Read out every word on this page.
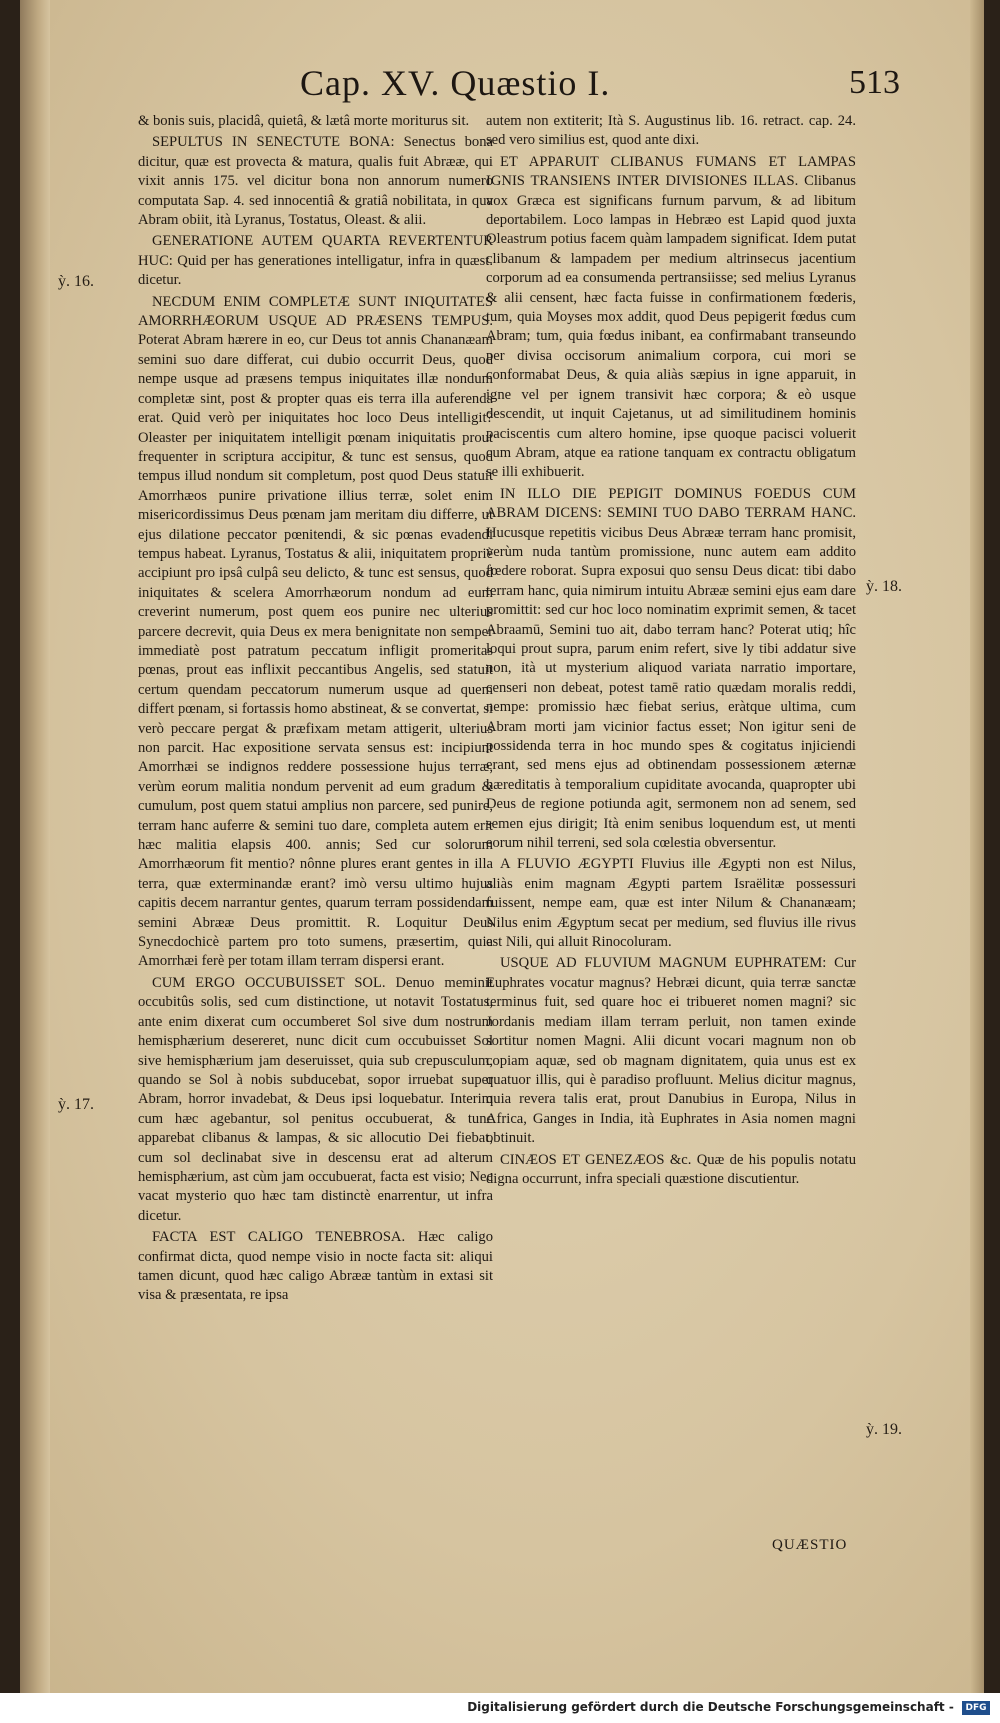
Cap. XV. Quæstio I.	513

& bonis suis, placidâ, quietâ, & lætâ morte moriturus sit.

SEPULTUS IN SENECTUTE BONA: Senectus bona dicitur, quæ est provecta & matura, qualis fuit Abrææ, qui vixit annis 175. vel dicitur bona non annorum numero computata Sap. 4. sed innocentiâ & gratiâ nobilitata, in qua Abram obiit, ità Lyranus, Tostatus, Oleast. & alii.

GENERATIONE AUTEM QUARTA REVERTENTUR HUC: Quid per has generationes intelligatur, infra in quæst. dicetur.

NECDUM ENIM COMPLETÆ SUNT INIQUITATES AMORRHÆORUM USQUE AD PRÆSENS TEMPUS. Poterat Abram hærere in eo, cur Deus tot annis Chananæam semini suo dare differat, cui dubio occurrit Deus, quod nempe usque ad præsens tempus iniquitates illæ nondum completæ sint, post & propter quas eis terra illa auferenda erat. Quid verò per iniquitates hoc loco Deus intelligit? Oleaster per iniquitatem intelligit pœnam iniquitatis prout frequenter in scriptura accipitur, & tunc est sensus, quod tempus illud nondum sit completum, post quod Deus statuit Amorrhæos punire privatione illius terræ, solet enim misericordissimus Deus pœnam jam meritam diu differre, ut ejus dilatione peccator pœnitendi, & sic pœnas evadendi tempus habeat. Lyranus, Tostatus & alii, iniquitatem propriè accipiunt pro ipsâ culpâ seu delicto, & tunc est sensus, quod iniquitates & scelera Amorrhæorum nondum ad eum creverint numerum, post quem eos punire nec ulterius parcere decrevit, quia Deus ex mera benignitate non semper immediatè post patratum peccatum infligit promeritas pœnas, prout eas inflixit peccantibus Angelis, sed statuit certum quendam peccatorum numerum usque ad quem differt pœnam, si fortassis homo abstineat, & se convertat, si verò peccare pergat & præfixam metam attigerit, ulterius non parcit. Hac expositione servata sensus est: incipiunt Amorrhæi se indignos reddere possessione hujus terræ, verùm eorum malitia nondum pervenit ad eum gradum & cumulum, post quem statui amplius non parcere, sed punire, terram hanc auferre & semini tuo dare, completa autem erit hæc malitia elapsis 400. annis; Sed cur solorum Amorrhæorum fit mentio? nônne plures erant gentes in illa terra, quæ exterminandæ erant? imò versu ultimo hujus capitis decem narrantur gentes, quarum terram possidendam semini Abrææ Deus promittit. R. Loquitur Deus Synecdochicè partem pro toto sumens, præsertim, quia Amorrhæi ferè per totam illam terram dispersi erant.

CUM ERGO OCCUBUISSET SOL. Denuo meminit occubitûs solis, sed cum distinctione, ut notavit Tostatus, ante enim dixerat cum occumberet Sol sive dum nostrum hemisphærium desereret, nunc dicit cum occubuisset Sol sive hemisphærium jam deseruisset, quia sub crepusculum, quando se Sol à nobis subducebat, sopor irruebat super Abram, horror invadebat, & Deus ipsi loquebatur. Interim cum hæc agebantur, sol penitus occubuerat, & tunc apparebat clibanus & lampas, & sic allocutio Dei fiebat, cum sol declinabat sive in descensu erat ad alterum hemisphærium, ast cùm jam occubuerat, facta est visio; Nec vacat mysterio quo hæc tam distinctè enarrentur, ut infra dicetur.

FACTA EST CALIGO TENEBROSA. Hæc caligo confirmat dicta, quod nempe visio in nocte facta sit: aliqui tamen dicunt, quod hæc caligo Abrææ tantùm in extasi sit visa & præsentata, re ipsa

autem non extiterit; Ità S. Augustinus lib. 16. retract. cap. 24. sed vero similius est, quod ante dixi.

ET APPARUIT CLIBANUS FUMANS ET LAMPAS IGNIS TRANSIENS INTER DIVISIONES ILLAS. Clibanus vox Græca est significans furnum parvum, & ad libitum deportabilem. Loco lampas in Hebræo est Lapid quod juxta Oleastrum potius facem quàm lampadem significat. Idem putat clibanum & lampadem per medium altrinsecus jacentium corporum ad ea consumenda pertransiisse; sed melius Lyranus & alii censent, hæc facta fuisse in confirmationem fœderis, tum, quia Moyses mox addit, quod Deus pepigerit fœdus cum Abram; tum, quia fœdus inibant, ea confirmabant transeundo per divisa occisorum animalium corpora, cui mori se conformabat Deus, & quia aliàs sæpius in igne apparuit, in igne vel per ignem transivit hæc corpora; & eò usque descendit, ut inquit Cajetanus, ut ad similitudinem hominis paciscentis cum altero homine, ipse quoque pacisci voluerit cum Abram, atque ea ratione tanquam ex contractu obligatum se illi exhibuerit.

IN ILLO DIE PEPIGIT DOMINUS FOEDUS CUM ABRAM DICENS: SEMINI TUO DABO TERRAM HANC. Hucusque repetitis vicibus Deus Abrææ terram hanc promisit, verùm nuda tantùm promissione, nunc autem eam addito fœdere roborat. Supra exposui quo sensu Deus dicat: tibi dabo terram hanc, quia nimirum intuitu Abrææ semini ejus eam dare promittit: sed cur hoc loco nominatim exprimit semen, & tacet Abraamū, Semini tuo ait, dabo terram hanc? Poterat utiq; hîc loqui prout supra, parum enim refert, sive ly tibi addatur sive non, ità ut mysterium aliquod variata narratio importare, censeri non debeat, potest tamē ratio quædam moralis reddi, nempe: promissio hæc fiebat serius, eràtque ultima, cum Abram morti jam vicinior factus esset; Non igitur seni de possidenda terra in hoc mundo spes & cogitatus injiciendi erant, sed mens ejus ad obtinendam possessionem æternæ hæreditatis à temporalium cupiditate avocanda, quapropter ubi Deus de regione potiunda agit, sermonem non ad senem, sed semen ejus dirigit; Ità enim senibus loquendum est, ut menti eorum nihil terreni, sed sola cœlestia obversentur.

A FLUVIO ÆGYPTI Fluvius ille Ægypti non est Nilus, aliàs enim magnam Ægypti partem Israëlitæ possessuri fuissent, nempe eam, quæ est inter Nilum & Chananæam; Nilus enim Ægyptum secat per medium, sed fluvius ille rivus est Nili, qui alluit Rinocoluram.

USQUE AD FLUVIUM MAGNUM EUPHRATEM: Cur Euphrates vocatur magnus? Hebræi dicunt, quia terræ sanctæ terminus fuit, sed quare hoc ei tribueret nomen magni? sic Jordanis mediam illam terram perluit, non tamen exinde sortitur nomen Magni. Alii dicunt vocari magnum non ob copiam aquæ, sed ob magnam dignitatem, quia unus est ex quatuor illis, qui è paradiso profluunt. Melius dicitur magnus, quia revera talis erat, prout Danubius in Europa, Nilus in Africa, Ganges in India, ità Euphrates in Asia nomen magni obtinuit.

CINÆOS ET GENEZÆOS &c. Quæ de his populis notatu digna occurrunt, infra speciali quæstione discutientur.

ỳ. 16.
ỳ. 17.
ỳ. 18.
ỳ. 19.
QUÆSTIO
Digitalisierung gefördert durch die Deutsche Forschungsgemeinschaft - DFG
